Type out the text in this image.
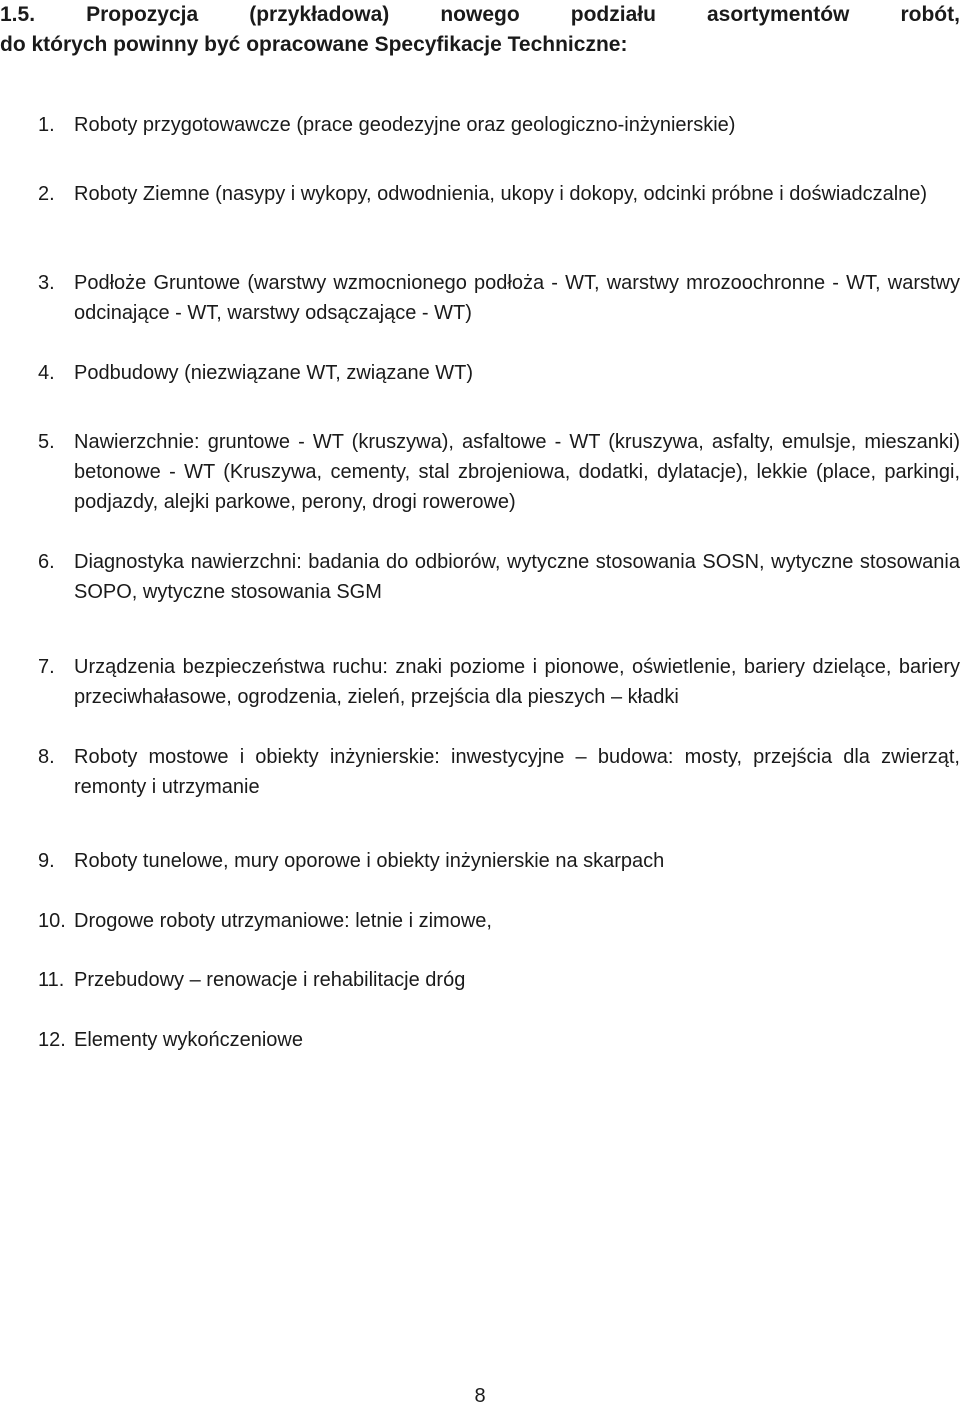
1.5. Propozycja (przykładowa) nowego podziału asortymentów robót,
do których powinny być opracowane Specyfikacje Techniczne:
1. Roboty przygotowawcze (prace geodezyjne oraz geologiczno-inżynierskie)
2. Roboty Ziemne (nasypy i wykopy, odwodnienia, ukopy i dokopy, odcinki próbne i doświadczalne)
3. Podłoże Gruntowe (warstwy wzmocnionego podłoża - WT, warstwy mrozoochronne - WT, warstwy odcinające - WT, warstwy odsączające - WT)
4. Podbudowy (niezwiązane WT, związane WT)
5. Nawierzchnie: gruntowe - WT (kruszywa), asfaltowe - WT (kruszywa, asfalty, emulsje, mieszanki) betonowe - WT (Kruszywa, cementy, stal zbrojeniowa, dodatki, dylatacje), lekkie (place, parkingi, podjazdy, alejki parkowe, perony, drogi rowerowe)
6. Diagnostyka nawierzchni: badania do odbiorów, wytyczne stosowania SOSN, wytyczne stosowania SOPO, wytyczne stosowania SGM
7. Urządzenia bezpieczeństwa ruchu: znaki poziome i pionowe, oświetlenie, bariery dzielące, bariery przeciwhałasowe, ogrodzenia, zieleń, przejścia dla pieszych – kładki
8. Roboty mostowe i obiekty inżynierskie: inwestycyjne – budowa: mosty, przejścia dla zwierząt, remonty i utrzymanie
9. Roboty tunelowe, mury oporowe i obiekty inżynierskie na skarpach
10. Drogowe roboty utrzymaniowe: letnie i zimowe,
11. Przebudowy – renowacje i rehabilitacje dróg
12. Elementy wykończeniowe
8
